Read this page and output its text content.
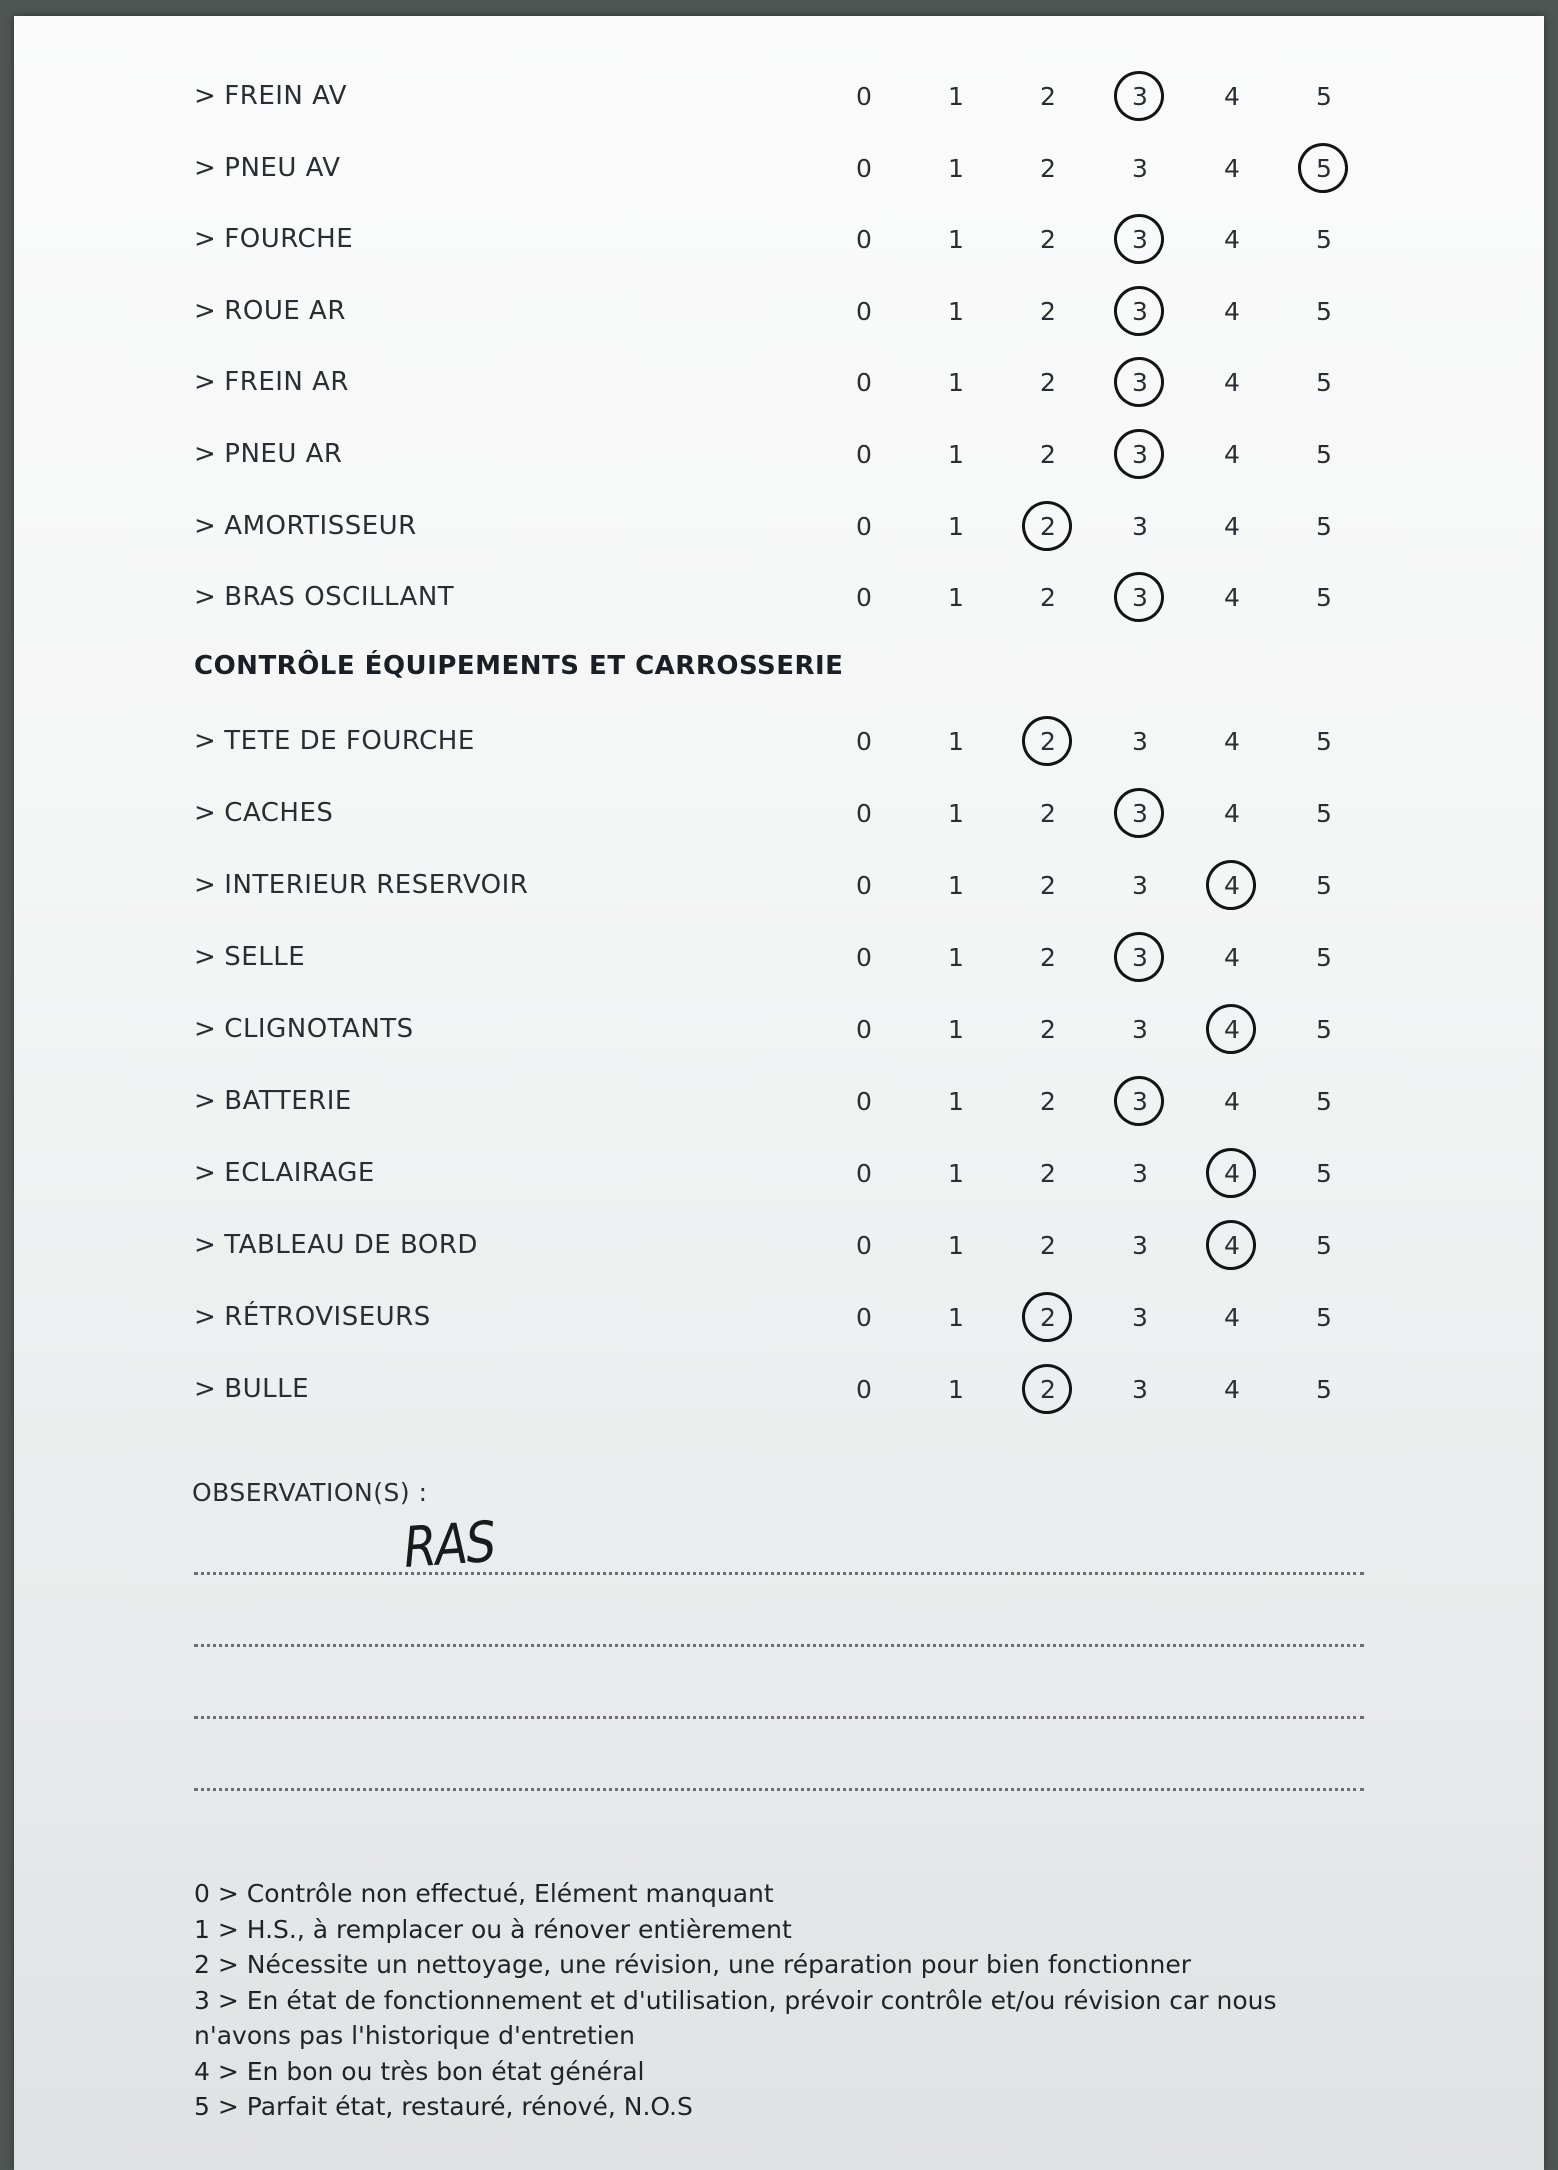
> FREIN AV	0	1	2	3	4	5
> PNEU AV	0	1	2	3	4	5
> FOURCHE	0	1	2	3	4	5
> ROUE AR	0	1	2	3	4	5
> FREIN AR	0	1	2	3	4	5
> PNEU AR	0	1	2	3	4	5
> AMORTISSEUR	0	1	2	3	4	5
> BRAS OSCILLANT	0	1	2	3	4	5
CONTRÔLE ÉQUIPEMENTS ET CARROSSERIE
> TETE DE FOURCHE	0	1	2	3	4	5
> CACHES	0	1	2	3	4	5
> INTERIEUR RESERVOIR	0	1	2	3	4	5
> SELLE	0	1	2	3	4	5
> CLIGNOTANTS	0	1	2	3	4	5
> BATTERIE	0	1	2	3	4	5
> ECLAIRAGE	0	1	2	3	4	5
> TABLEAU DE BORD	0	1	2	3	4	5
> RÉTROVISEURS	0	1	2	3	4	5
> BULLE	0	1	2	3	4	5
OBSERVATION(S) :
RAS
0 > Contrôle non effectué, Elément manquant
1 > H.S., à remplacer ou à rénover entièrement
2 > Nécessite un nettoyage, une révision, une réparation pour bien fonctionner
3 > En état de fonctionnement et d'utilisation, prévoir contrôle et/ou révision car nous n'avons pas l'historique d'entretien
4 > En bon ou très bon état général
5 > Parfait état, restauré, rénové, N.O.S
